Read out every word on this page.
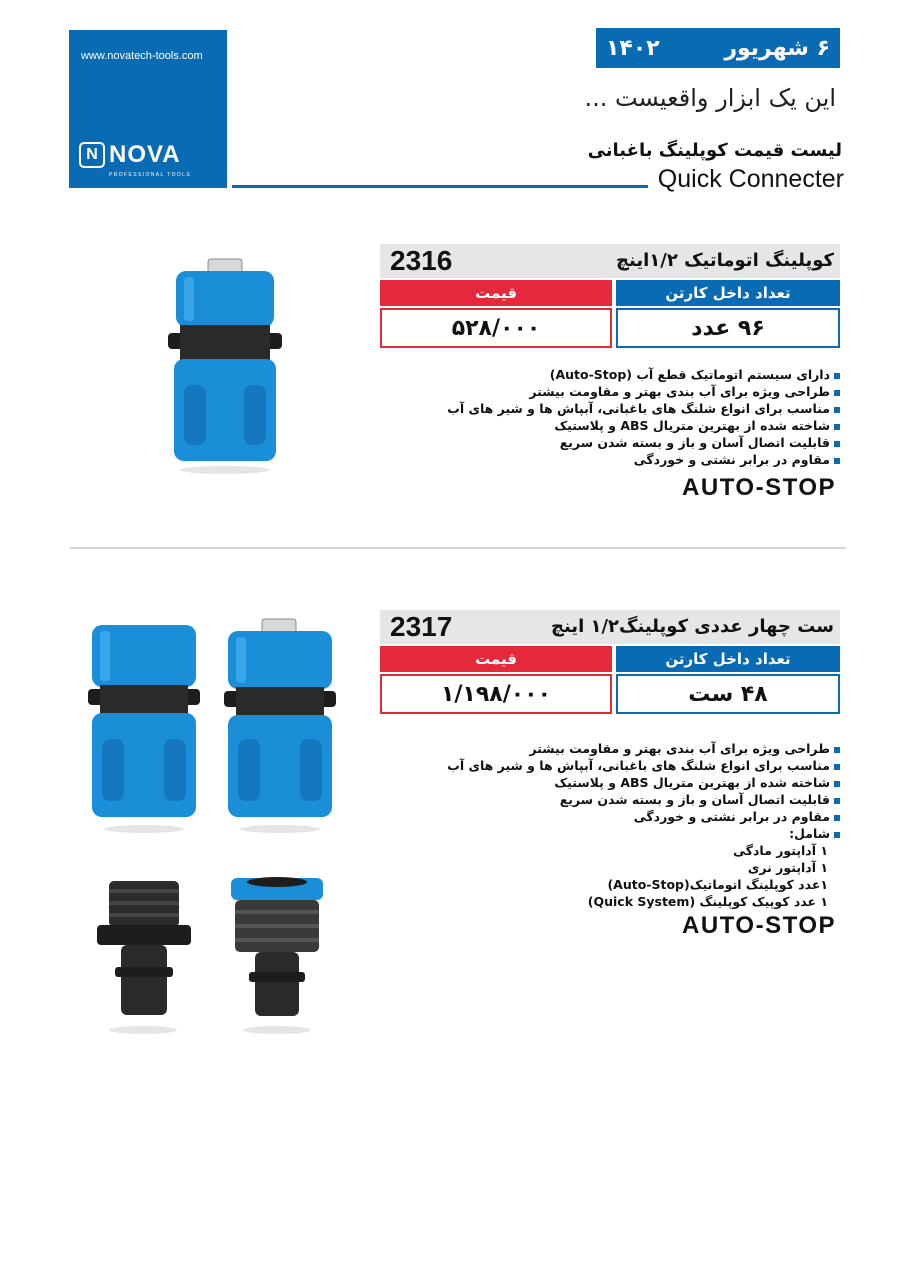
www.novatech-tools.com
N NOVA
PROFESSIONAL TOOLS
۶ شهریور
۱۴۰۲
این یک ابزار واقعیست ...
لیست قیمت کوپلینگ باغبانی
Quick Connecter
2316	کوپلینگ اتوماتیک ۱/۲اینچ
قیمت	تعداد داخل کارتن
۵۲۸/۰۰۰	۹۶ عدد
دارای سیستم اتوماتیک قطع آب (Auto-Stop)
طراحی ویژه برای آب بندی بهتر و مقاومت بیشتر
مناسب برای انواع شلنگ های باغبانی، آبپاش ها و شیر های آب
شاخته شده از بهترین متریال ABS و پلاستیک
قابلیت اتصال آسان و باز و بسته شدن سریع
مقاوم در برابر نشتی و خوردگی
AUTO-STOP
2317	ست چهار عددی کوپلینگ۱/۲ اینچ
قیمت	تعداد داخل کارتن
۱/۱۹۸/۰۰۰	۴۸ ست
طراحی ویژه برای آب بندی بهتر و مقاومت بیشتر
مناسب برای انواع شلنگ های باغبانی، آبپاش ها و شیر های آب
شاخته شده از بهترین متریال ABS و پلاستیک
قابلیت اتصال آسان و باز و بسته شدن سریع
مقاوم در برابر نشتی و خوردگی
شامل:
۱ آداپتور مادگی
۱ آداپتور نری
۱عدد کوپلینگ اتوماتیک(Auto-Stop)
۱ عدد کوپیک کوپلینگ (Quick System)
AUTO-STOP
